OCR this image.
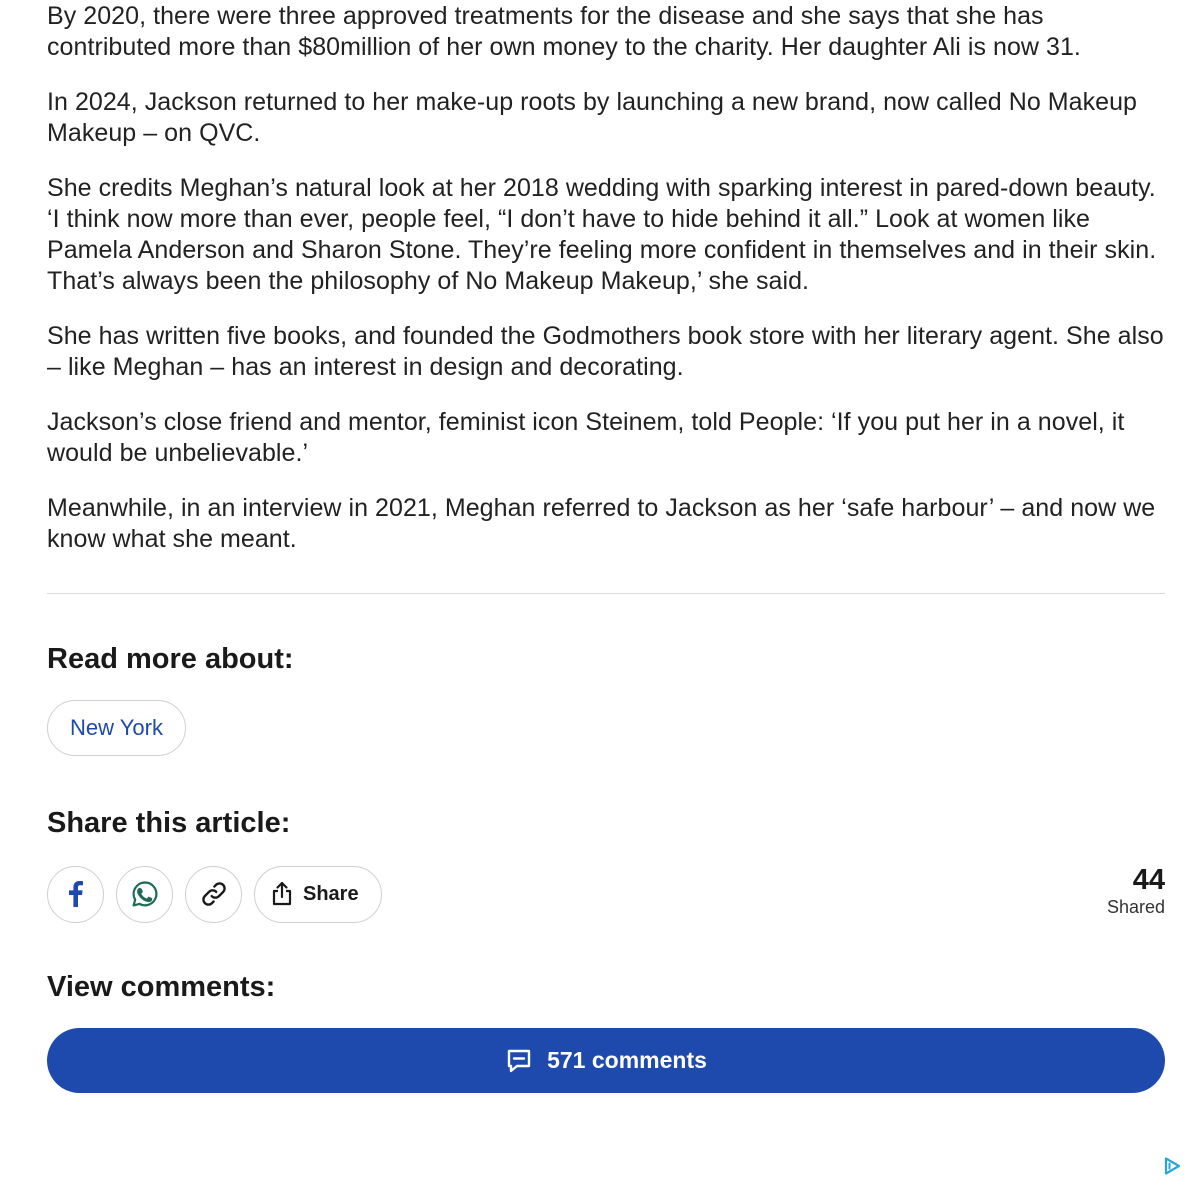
By 2020, there were three approved treatments for the disease and she says that she has contributed more than $80million of her own money to the charity. Her daughter Ali is now 31.

In 2024, Jackson returned to her make-up roots by launching a new brand, now called No Makeup Makeup – on QVC.

She credits Meghan’s natural look at her 2018 wedding with sparking interest in pared-down beauty. ‘I think now more than ever, people feel, “I don’t have to hide behind it all.” Look at women like Pamela Anderson and Sharon Stone. They’re feeling more confident in themselves and in their skin. That’s always been the philosophy of No Makeup Makeup,’ she said.

She has written five books, and founded the Godmothers book store with her literary agent. She also – like Meghan – has an interest in design and decorating.

Jackson’s close friend and mentor, feminist icon Steinem, told People: ‘If you put her in a novel, it would be unbelievable.’

Meanwhile, in an interview in 2021, Meghan referred to Jackson as her ‘safe harbour’ – and now we know what she meant.

Read more about:
New York
Share this article:
Share	44
Shared
View comments:
571 comments
